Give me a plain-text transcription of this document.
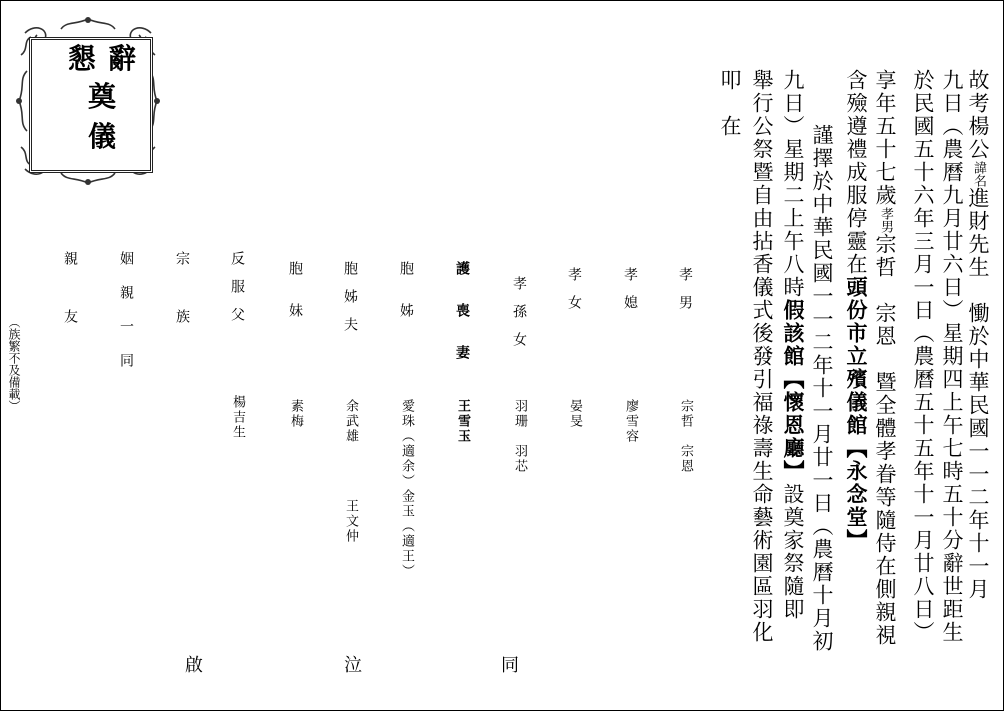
懇 辭
奠
儀	故考楊公諱名進財先生　慟於中華民國一一二年十一月
九日（農曆九月廿六日）星期四上午七時五十分辭世距生
於民國五十六年三月一日（農曆五十五年十一月廿八日）
享年五十七歲孝男宗哲　宗恩　暨全體孝眷等隨侍在側親視
含殮遵禮成服停靈在頭份市立殯儀館【永念堂】
　謹擇於中華民國一一二年十一月廿一日（農曆十月初
九日）星期二上午八時假該館【懷恩廳】設奠家祭隨即
舉行公祭暨自由拈香儀式後發引福祿壽生命藝術園區羽化
叩　在
孝男
宗哲　宗恩
孝媳
廖雪容
孝女
晏旻
孝孫女
羽珊　羽芯
護喪妻
王雪玉
胞姊
愛珠（適余）金玉（適王）
胞姊夫
余武雄
王文仲
胞妹
素梅
反服父
楊吉生
宗族
姻親一同
親友
（族繁不及備載）
同
泣
啟
